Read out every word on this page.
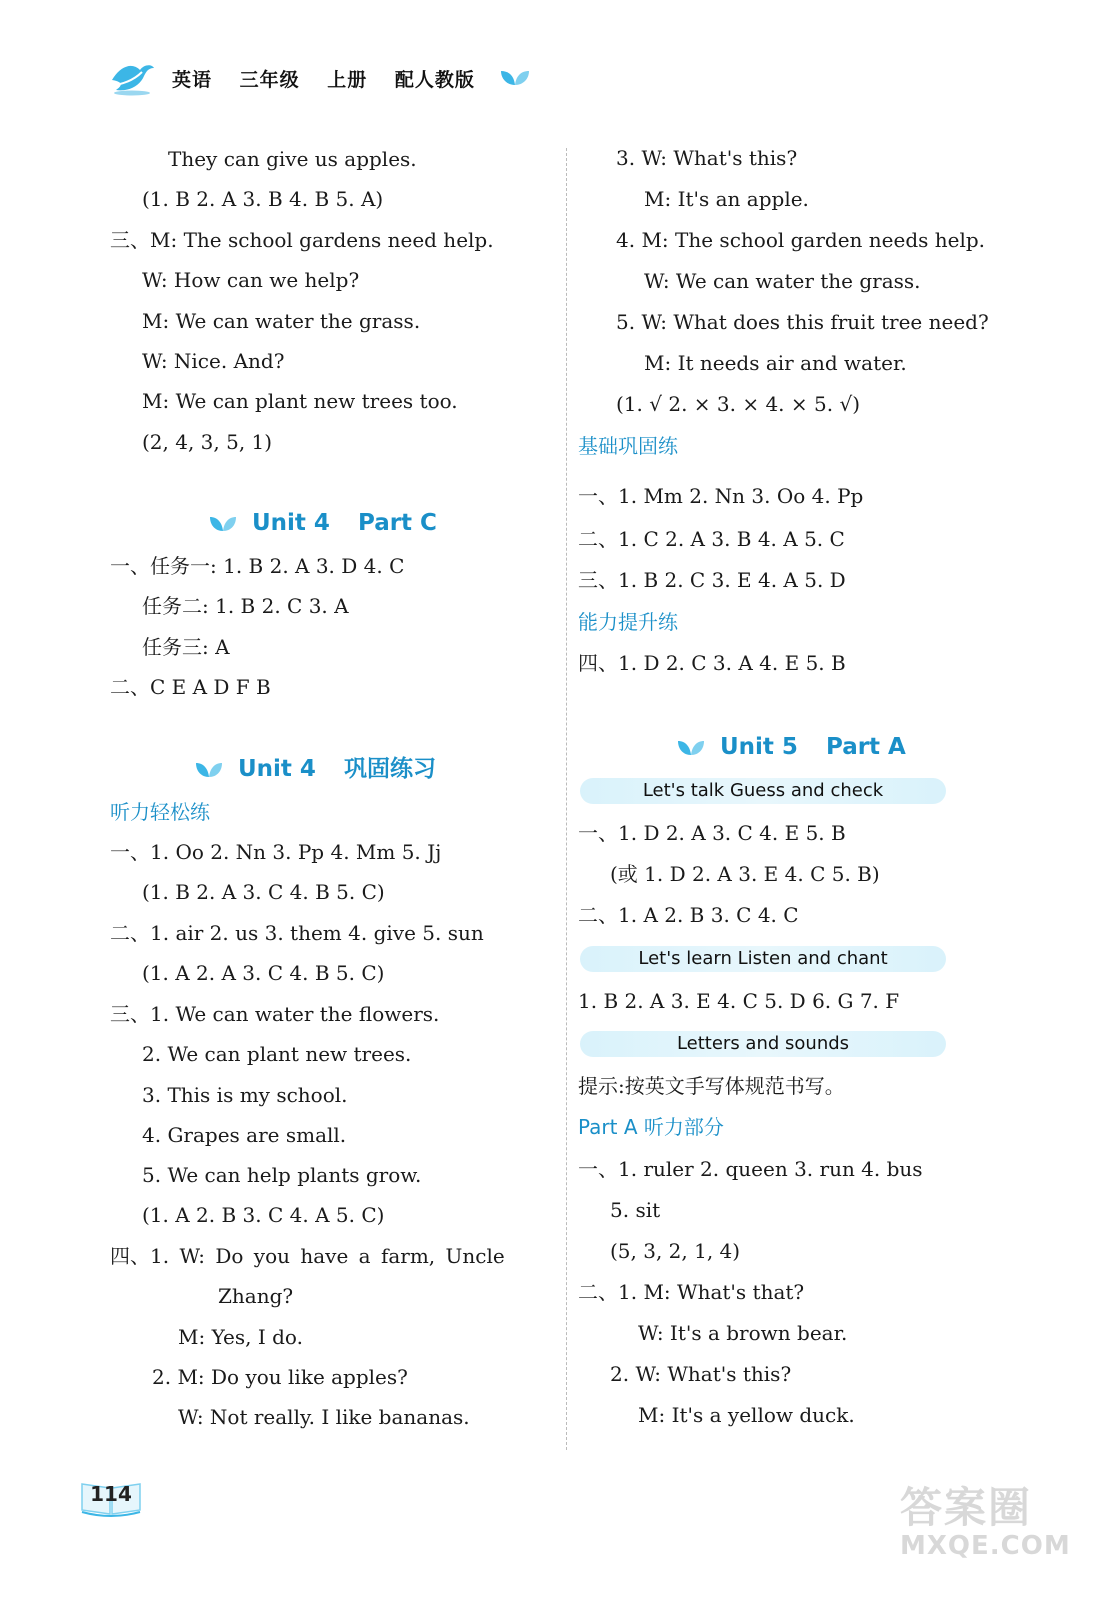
英语 三年级 上册 配人教版
They can give us apples.
(1. B 2. A 3. B 4. B 5. A)
三、M: The school gardens need help.
W: How can we help?
M: We can water the grass.
W: Nice. And?
M: We can plant new trees too.
(2, 4, 3, 5, 1)
Unit 4 Part C
一、任务一: 1. B 2. A 3. D 4. C
任务二: 1. B 2. C 3. A
任务三: A
二、C E A D F B
Unit 4 巩固练习
听力轻松练
一、1. Oo 2. Nn 3. Pp 4. Mm 5. Jj
(1. B 2. A 3. C 4. B 5. C)
二、1. air 2. us 3. them 4. give 5. sun
(1. A 2. A 3. C 4. B 5. C)
三、1. We can water the flowers.
2. We can plant new trees.
3. This is my school.
4. Grapes are small.
5. We can help plants grow.
(1. A 2. B 3. C 4. A 5. C)
四、1. W: Do you have a farm, Uncle
Zhang?
M: Yes, I do.
2. M: Do you like apples?
W: Not really. I like bananas.
3. W: What's this?
M: It's an apple.
4. M: The school garden needs help.
W: We can water the grass.
5. W: What does this fruit tree need?
M: It needs air and water.
(1. √ 2. × 3. × 4. × 5. √)
基础巩固练
一、1. Mm 2. Nn 3. Oo 4. Pp
二、1. C 2. A 3. B 4. A 5. C
三、1. B 2. C 3. E 4. A 5. D
能力提升练
四、1. D 2. C 3. A 4. E 5. B
Unit 5 Part A
Let's talk Guess and check
一、1. D 2. A 3. C 4. E 5. B
(或 1. D 2. A 3. E 4. C 5. B)
二、1. A 2. B 3. C 4. C
Let's learn Listen and chant
1. B 2. A 3. E 4. C 5. D 6. G 7. F
Letters and sounds
提示:按英文手写体规范书写。
Part A 听力部分
一、1. ruler 2. queen 3. run 4. bus
5. sit
(5, 3, 2, 1, 4)
二、1. M: What's that?
W: It's a brown bear.
2. W: What's this?
M: It's a yellow duck.
114	答案圈
MXQE.COM
